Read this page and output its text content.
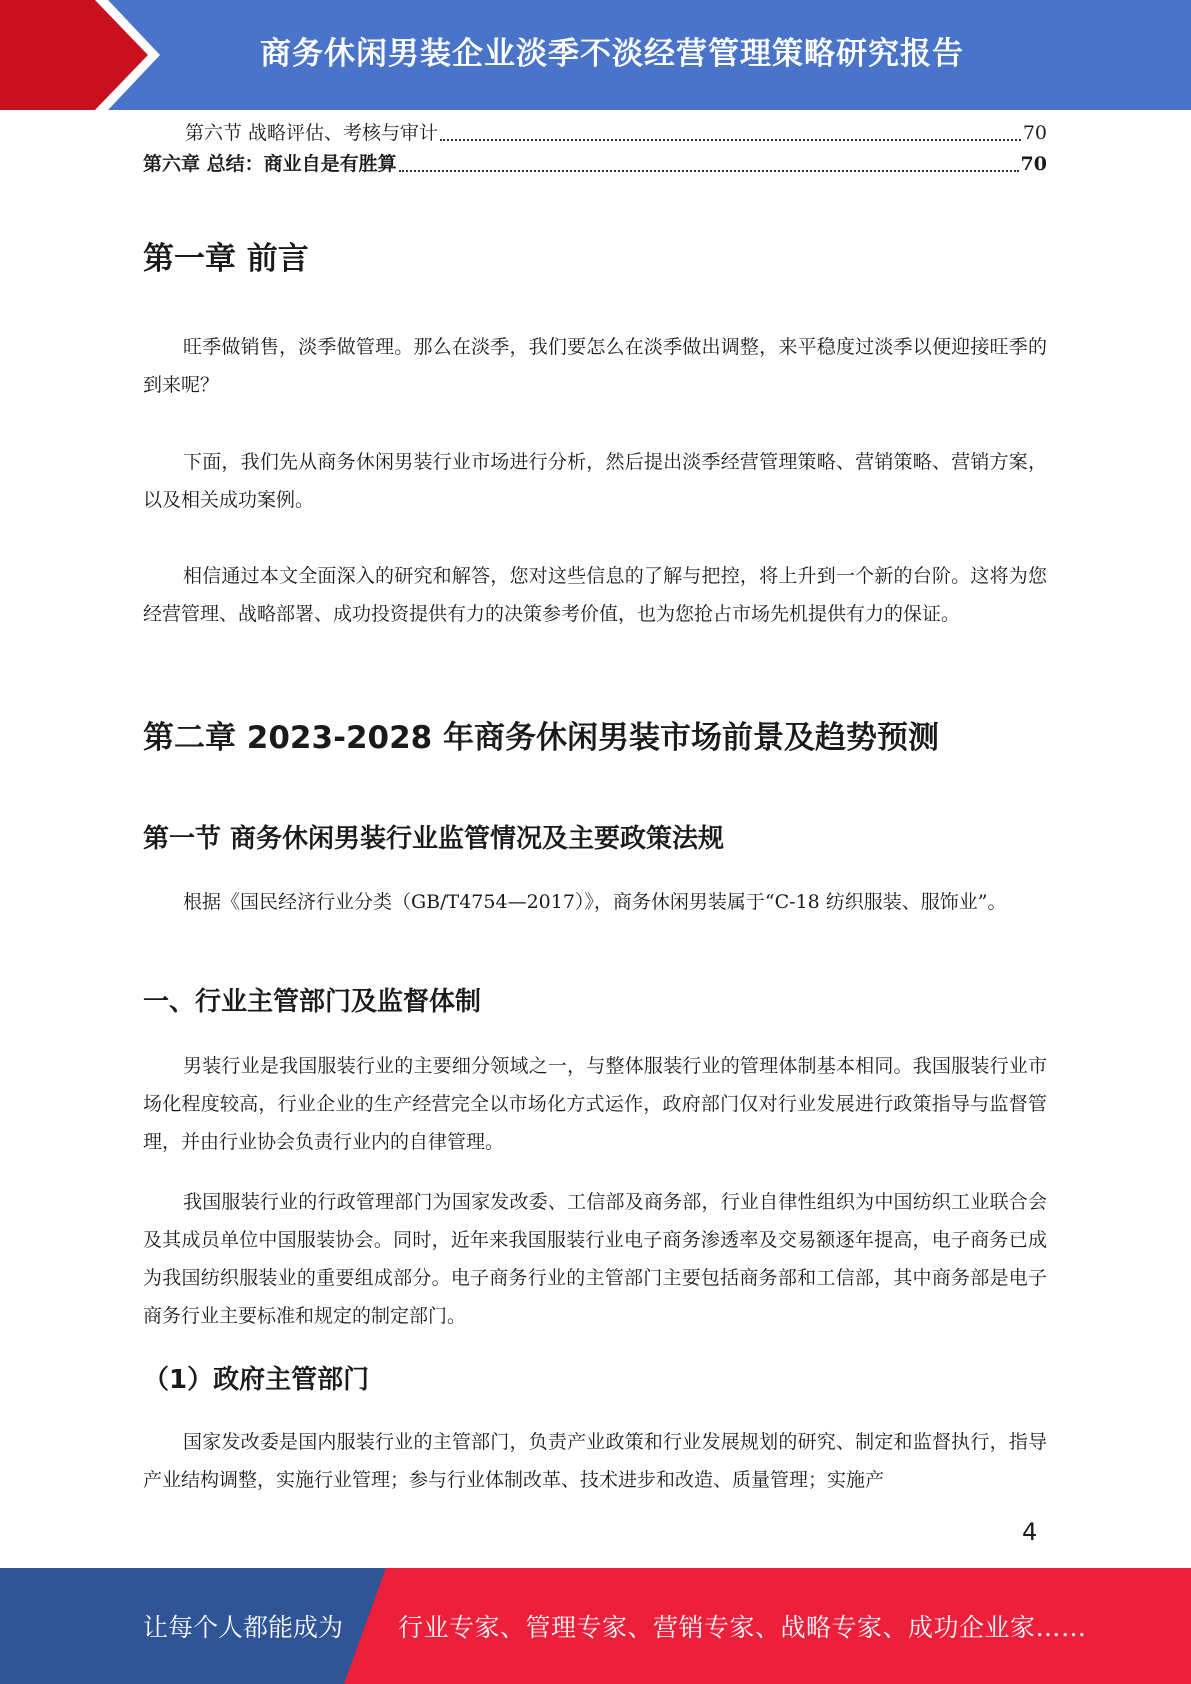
商务休闲男装企业淡季不淡经营管理策略研究报告
第六节 战略评估、考核与审计	70
第六章 总结：商业自是有胜算	70
第一章 前言

旺季做销售，淡季做管理。那么在淡季，我们要怎么在淡季做出调整，来平稳度过淡季以便迎接旺季的到来呢？

下面，我们先从商务休闲男装行业市场进行分析，然后提出淡季经营管理策略、营销策略、营销方案，以及相关成功案例。

相信通过本文全面深入的研究和解答，您对这些信息的了解与把控，将上升到一个新的台阶。这将为您经营管理、战略部署、成功投资提供有力的决策参考价值，也为您抢占市场先机提供有力的保证。

第二章 2023-2028 年商务休闲男装市场前景及趋势预测
第一节 商务休闲男装行业监管情况及主要政策法规

根据《国民经济行业分类（GB/T4754—2017）》，商务休闲男装属于“C-18 纺织服装、服饰业”。

一、行业主管部门及监督体制

男装行业是我国服装行业的主要细分领域之一，与整体服装行业的管理体制基本相同。我国服装行业市场化程度较高，行业企业的生产经营完全以市场化方式运作，政府部门仅对行业发展进行政策指导与监督管理，并由行业协会负责行业内的自律管理。

我国服装行业的行政管理部门为国家发改委、工信部及商务部，行业自律性组织为中国纺织工业联合会及其成员单位中国服装协会。同时，近年来我国服装行业电子商务渗透率及交易额逐年提高，电子商务已成为我国纺织服装业的重要组成部分。电子商务行业的主管部门主要包括商务部和工信部，其中商务部是电子商务行业主要标准和规定的制定部门。

（1）政府主管部门

国家发改委是国内服装行业的主管部门，负责产业政策和行业发展规划的研究、制定和监督执行，指导产业结构调整，实施行业管理；参与行业体制改革、技术进步和改造、质量管理；实施产

4
让每个人都能成为 行业专家、管理专家、营销专家、战略专家、成功企业家……
